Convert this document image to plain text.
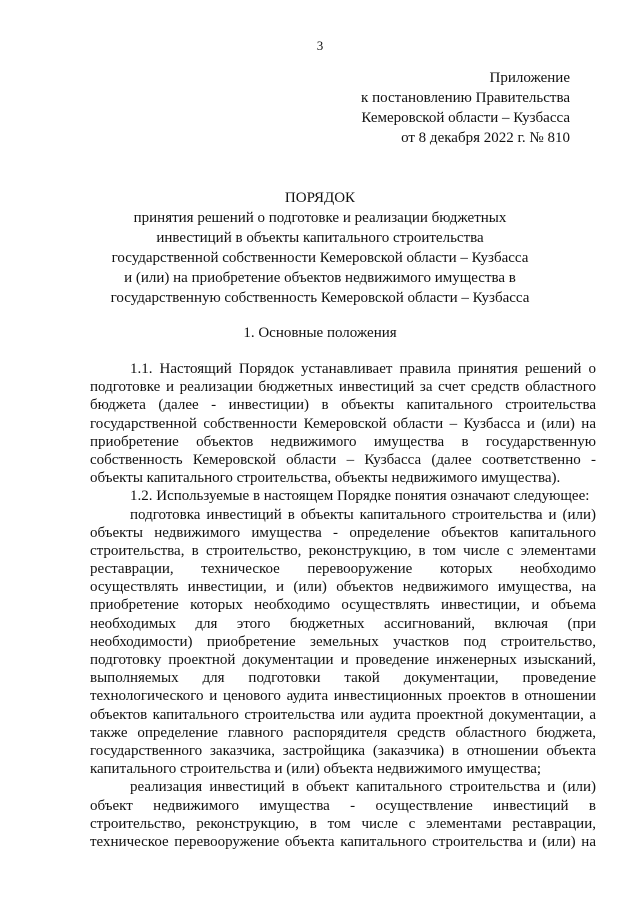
3
Приложение
к постановлению Правительства
Кемеровской области – Кузбасса
от 8 декабря 2022 г. № 810
ПОРЯДОК
принятия решений о подготовке и реализации бюджетных
инвестиций в объекты капитального строительства
государственной собственности Кемеровской области – Кузбасса
и (или) на приобретение объектов недвижимого имущества в
государственную собственность Кемеровской области – Кузбасса
1. Основные положения
1.1. Настоящий Порядок устанавливает правила принятия решений о
подготовке и реализации бюджетных инвестиций за счет средств областного
бюджета (далее - инвестиции) в объекты капитального строительства
государственной собственности Кемеровской области – Кузбасса и (или) на
приобретение объектов недвижимого имущества в государственную
собственность Кемеровской области – Кузбасса (далее соответственно -
объекты капитального строительства, объекты недвижимого имущества).
1.2. Используемые в настоящем Порядке понятия означают следующее:
подготовка инвестиций в объекты капитального строительства и (или)
объекты недвижимого имущества - определение объектов капитального
строительства, в строительство, реконструкцию, в том числе с элементами
реставрации, техническое перевооружение которых необходимо
осуществлять инвестиции, и (или) объектов недвижимого имущества, на
приобретение которых необходимо осуществлять инвестиции, и объема
необходимых для этого бюджетных ассигнований, включая (при
необходимости) приобретение земельных участков под строительство,
подготовку проектной документации и проведение инженерных изысканий,
выполняемых для подготовки такой документации, проведение
технологического и ценового аудита инвестиционных проектов в отношении
объектов капитального строительства или аудита проектной документации, а
также определение главного распорядителя средств областного бюджета,
государственного заказчика, застройщика (заказчика) в отношении объекта
капитального строительства и (или) объекта недвижимого имущества;
реализация инвестиций в объект капитального строительства и (или)
объект недвижимого имущества - осуществление инвестиций в
строительство, реконструкцию, в том числе с элементами реставрации,
техническое перевооружение объекта капитального строительства и (или) на
